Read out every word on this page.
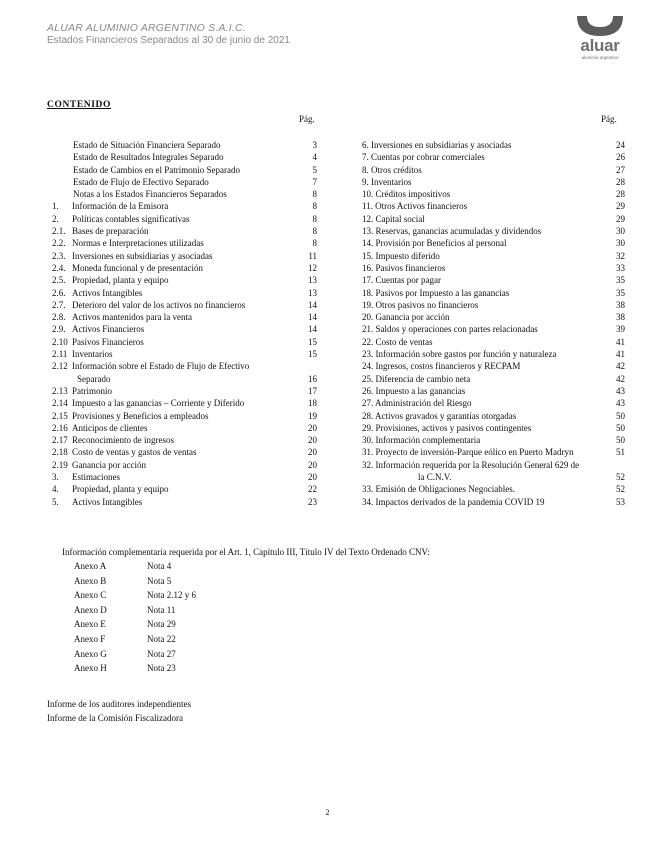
ALUAR ALUMINIO ARGENTINO S.A.I.C.
Estados Financieros Separados al 30 de junio de 2021	aluar
aluminio argentino
CONTENIDO
Pág.	Pág.
Estado de Situación Financiera Separado	3
Estado de Resultados Integrales Separado	4
Estado de Cambios en el Patrimonio Separado	5
Estado de Flujo de Efectivo Separado	7
Notas a los Estados Financieros Separados	8
1. Información de la Emisora	8
2. Políticas contables significativas	8
2.1. Bases de preparación	8
2.2. Normas e Interpretaciones utilizadas	8
2.3. Inversiones en subsidiarias y asociadas	11
2.4. Moneda funcional y de presentación	12
2.5. Propiedad, planta y equipo	13
2.6. Activos Intangibles	13
2.7. Deterioro del valor de los activos no financieros	14
2.8. Activos mantenidos para la venta	14
2.9. Activos Financieros	14
2.10 Pasivos Financieros	15
2.11 Inventarios	15
2.12 Información sobre el Estado de Flujo de Efectivo
Separado	16
2.13 Patrimonio	17
2.14 Impuesto a las ganancias – Corriente y Diferido	18
2.15 Provisiones y Beneficios a empleados	19
2.16 Anticipos de clientes	20
2.17 Reconocimiento de ingresos	20
2.18 Costo de ventas y gastos de ventas	20
2.19 Ganancia por acción	20
3. Estimaciones	20
4. Propiedad, planta y equipo	22
5. Activos Intangibles	23
6. Inversiones en subsidiarias y asociadas	24
7. Cuentas por cobrar comerciales	26
8. Otros créditos	27
9. Inventarios	28
10. Créditos impositivos	28
11. Otros Activos financieros	29
12. Capital social	29
13. Reservas, ganancias acumuladas y dividendos	30
14. Provisión por Beneficios al personal	30
15. Impuesto diferido	32
16. Pasivos financieros	33
17. Cuentas por pagar	35
18. Pasivos por Impuesto a las ganancias	35
19. Otros pasivos no financieros	38
20. Ganancia por acción	38
21. Saldos y operaciones con partes relacionadas	39
22. Costo de ventas	41
23. Información sobre gastos por función y naturaleza	41
24. Ingresos, costos financieros y RECPAM	42
25. Diferencia de cambio neta	42
26. Impuesto a las ganancias	43
27. Administración del Riesgo	43
28. Activos gravados y garantías otorgadas	50
29. Provisiones, activos y pasivos contingentes	50
30. Información complementaria	50
31. Proyecto de inversión-Parque eólico en Puerto Madryn	51
32. Información requerida por la Resolución General 629 de
la C.N.V.	52
33. Emisión de Obligaciones Negociables.	52
34. Impactos derivados de la pandemia COVID 19	53
Información complementaria requerida por el Art. 1, Capítulo III, Título IV del Texto Ordenado CNV:
Anexo A	Nota 4
Anexo B	Nota 5
Anexo C	Nota 2.12 y 6
Anexo D	Nota 11
Anexo E	Nota 29
Anexo F	Nota 22
Anexo G	Nota 27
Anexo H	Nota 23
Informe de los auditores independientes
Informe de la Comisión Fiscalizadora
2
